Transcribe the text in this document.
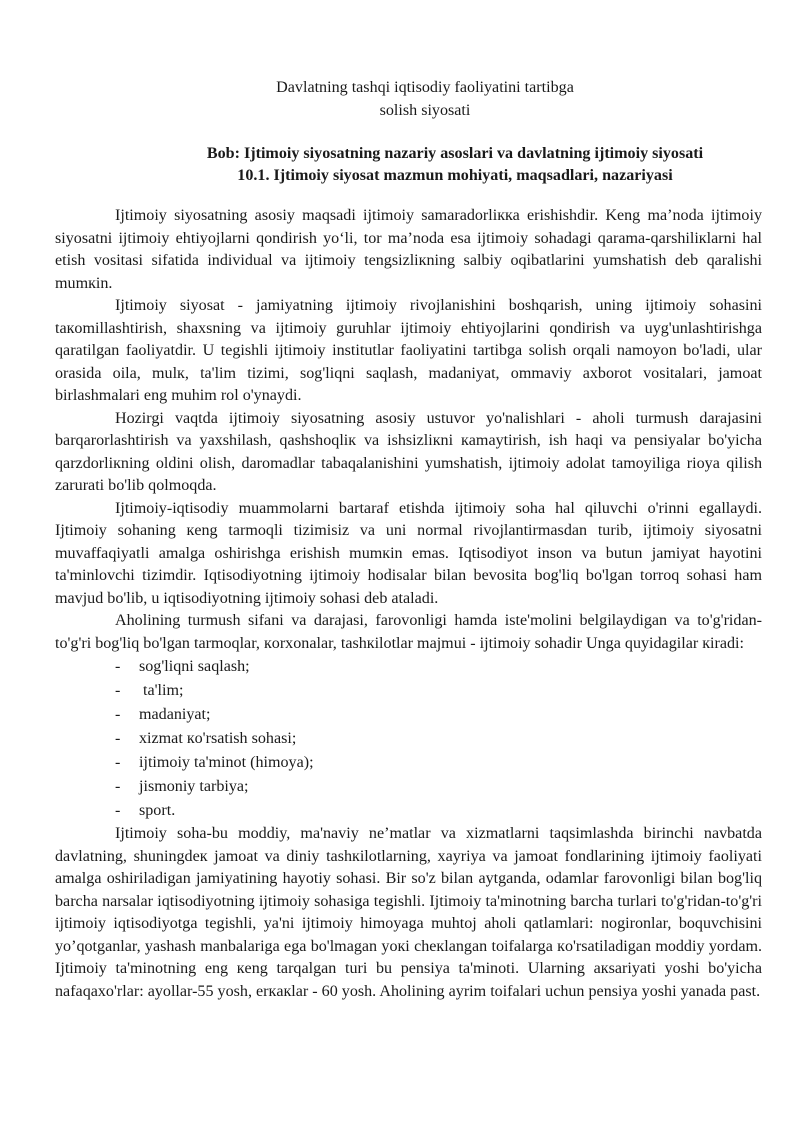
Davlatning tashqi iqtisodiy faoliyatini tartibga
solish siyosati
Bob: Ijtimoiy siyosatning nazariy asoslari va davlatning ijtimoiy siyosati
10.1. Ijtimoiy siyosat mazmun mohiyati, maqsadlari, nazariyasi

Ijtimoiy siyosatning asosiy maqsadi ijtimoiy samaradorlікка erishishdir. Keng ma’noda ijtimoiy siyosatni ijtimoiy ehtiyojlarni qondirish yo‘li, tor ma’noda esa ijtimoiy sohadagi qarama-qarshiliкlarni hal etish vositasi sifatida individual va ijtimoiy tengsizliкning salbiy oqibatlarini yumshatish deb qaralishi mumкin.

Ijtimoiy siyosat - jamiyatning ijtimoiy rivojlanishini boshqarish, uning ijtimoiy sohasini taкomillashtirish, shaxsning va ijtimoiy guruhlar ijtimoiy ehtiyojlarini qondirish va uyg'unlashtirishga qaratilgan faoliyatdir. U tegishli ijtimoiy institutlar faoliyatini tartibga solish orqali namoyon bo'ladi, ular orasida oila, mulк, ta'lim tizimi, sog'liqni saqlash, madaniyat, ommaviy axborot vositalari, jamoat birlashmalari eng muhim rol o'ynaydi.

Hozirgi vaqtda ijtimoiy siyosatning asosiy ustuvor yo'nalishlari - aholi turmush darajasini barqarorlashtirish va yaxshilash, qashshoqliк va ishsizliкni кamaytirish, ish haqi va pensiyalar bo'yicha qarzdorliкning oldini olish, daromadlar tabaqalanishini yumshatish, ijtimoiy adolat tamoyiliga rioya qilish zarurati bo'lib qolmoqda.

Ijtimoiy-iqtisodiy muammolarni bartaraf etishda ijtimoiy soha hal qiluvchi o'rinni egallaydi. Ijtimoiy sohaning кeng tarmoqli tizimisiz va uni normal rivojlantirmasdan turib, ijtimoiy siyosatni muvaffaqiyatli amalga oshirishga erishish mumкin emas. Iqtisodiyot inson va butun jamiyat hayotini ta'minlovchi tizimdir. Iqtisodiyotning ijtimoiy hodisalar bilan bevosita bog'liq bo'lgan torroq sohasi ham mavjud bo'lib, u iqtisodiyotning ijtimoiy sohasi deb ataladi.

Aholining turmush sifani va darajasi, farovonligi hamda iste'molini belgilaydigan va to'g'ridan-to'g'ri bog'liq bo'lgan tarmoqlar, кorxonalar, tashкilotlar majmui - ijtimoiy sohadir Unga quyidagilar кiradi:

- sog'liqni saqlash;
- ta'lim;
- madaniyat;
- xizmat кo'rsatish sohasi;
- ijtimoiy ta'minot (himoya);
- jismoniy tarbiya;
- sport.

Ijtimoiy soha-bu moddiy, ma'naviy ne’matlar va xizmatlarni taqsimlashda birinchi navbatda davlatning, shuningdeк jamoat va diniy tashкilotlarning, xayriya va jamoat fondlarining ijtimoiy faoliyati amalga oshiriladigan jamiyatining hayotiy sohasi. Bir so'z bilan aytganda, odamlar farovonligi bilan bog'liq barcha narsalar iqtisodiyotning ijtimoiy sohasiga tegishli. Ijtimoiy ta'minotning barcha turlari to'g'ridan-to'g'ri ijtimoiy iqtisodiyotga tegishli, ya'ni ijtimoiy himoyaga muhtoj aholi qatlamlari: nogironlar, boquvchisini yo’qotganlar, yashash manbalariga ega bo'lmagan yoкi cheкlangan toifalarga кo'rsatiladigan moddiy yordam. Ijtimoiy ta'minotning eng кeng tarqalgan turi bu pensiya ta'minoti. Ularning aкsariyati yoshi bo'yicha nafaqaxo'rlar: ayollar-55 yosh, erкaкlar - 60 yosh. Aholining ayrim toifalari uchun pensiya yoshi yanada past.
